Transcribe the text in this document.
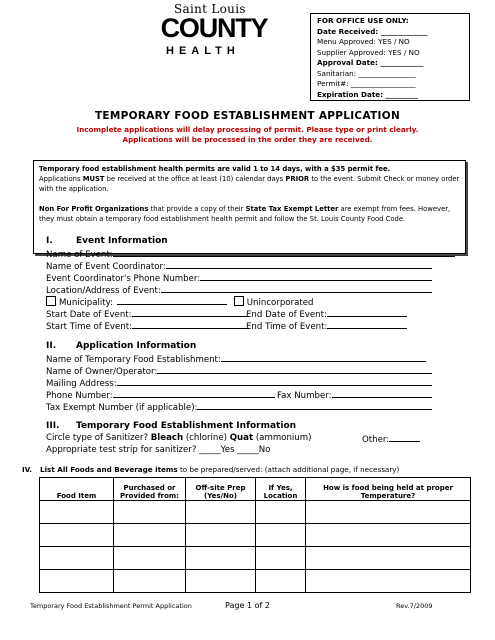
Saint Louis
COUNTY
HEALTH
FOR OFFICE USE ONLY:
Date Received: _____________
Menu Approved: YES / NO
Supplier Approved: YES / NO
Approval Date: ____________
Sanitarian: ________________
Permit#: __________________
Expiration Date: _________
TEMPORARY FOOD ESTABLISHMENT APPLICATION
Incomplete applications will delay processing of permit. Please type or print clearly.
Applications will be processed in the order they are received.

Temporary food establishment health permits are valid 1 to 14 days, with a $35 permit fee.

Applications MUST be received at the office at least (10) calendar days PRIOR to the event. Submit Check or money order with the application.

Non For Profit Organizations that provide a copy of their State Tax Exempt Letter are exempt from fees. However, they must obtain a temporary food establishment health permit and follow the St. Louis County Food Code.

I.	Event Information
Name of Event:
Name of Event Coordinator:
Event Coordinator's Phone Number:
Location/Address of Event:
Municipality:	Unincorporated
Start Date of Event:	End Date of Event:
Start Time of Event:	End Time of Event:
II. Application Information
Name of Temporary Food Establishment:
Name of Owner/Operator:
Mailing Address:
Phone Number:	Fax Number:
Tax Exempt Number (if applicable):
III. Temporary Food Establishment Information
Circle type of Sanitizer? Bleach (chlorine) Quat (ammonium)	Other:
Appropriate test strip for sanitizer? _____Yes _____No
IV. List All Foods and Beverage items to be prepared/served: (attach additional page, if necessary)
Food Item	Purchased or Provided from:	Off-site Prep (Yes/No)	If Yes, Location	How is food being held at proper Temperature?

Temporary Food Establishment Permit Application	Page 1 of 2	Rev.7/2009
